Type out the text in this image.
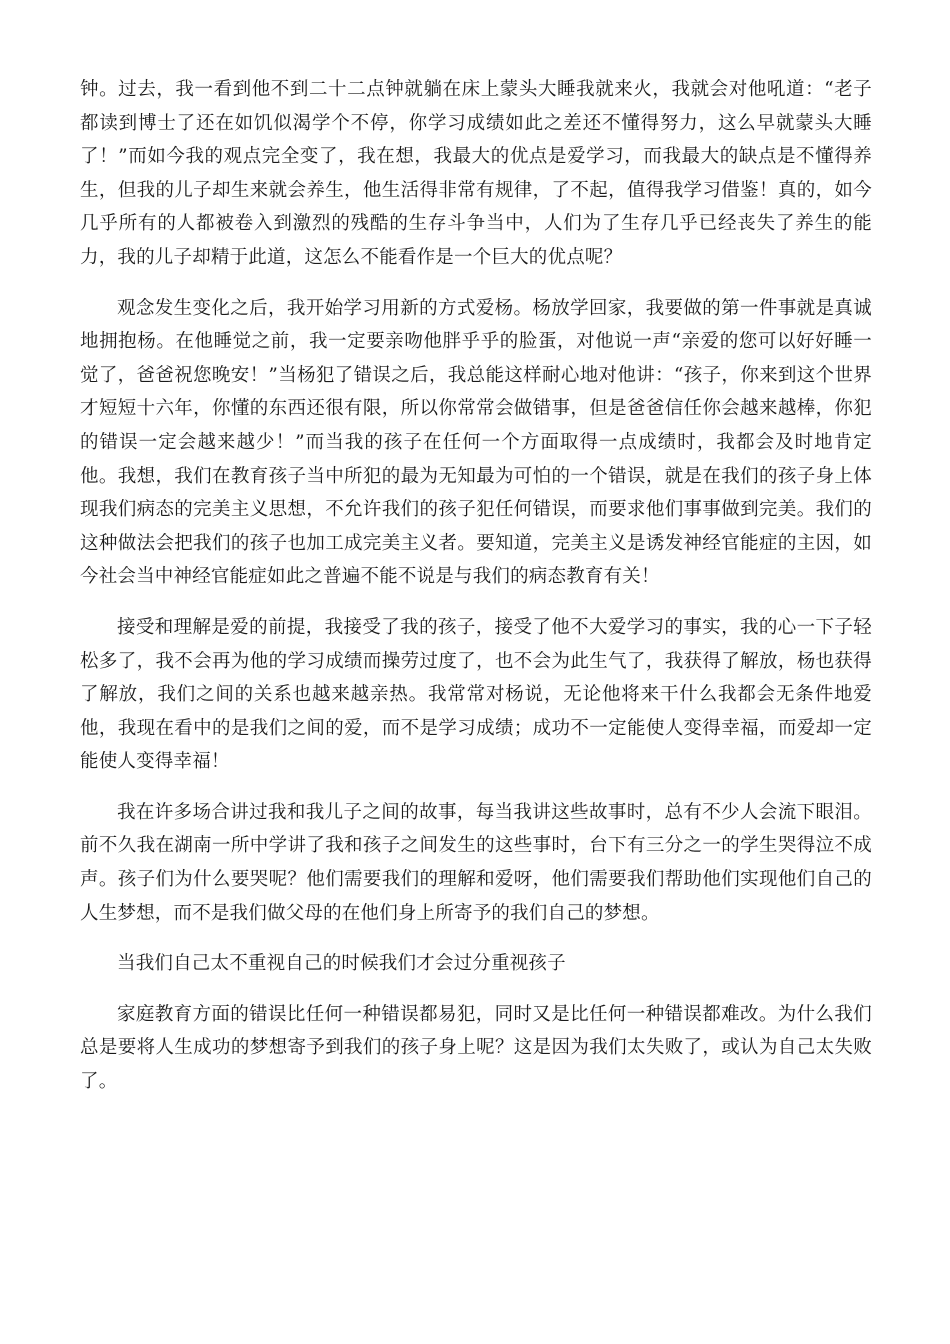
钟。过去，我一看到他不到二十二点钟就躺在床上蒙头大睡我就来火，我就会对他吼道：“老子都读到博士了还在如饥似渴学个不停，你学习成绩如此之差还不懂得努力，这么早就蒙头大睡了！”而如今我的观点完全变了，我在想，我最大的优点是爱学习，而我最大的缺点是不懂得养生，但我的儿子却生来就会养生，他生活得非常有规律，了不起，值得我学习借鉴！真的，如今几乎所有的人都被卷入到激烈的残酷的生存斗争当中，人们为了生存几乎已经丧失了养生的能力，我的儿子却精于此道，这怎么不能看作是一个巨大的优点呢？

观念发生变化之后，我开始学习用新的方式爱杨。杨放学回家，我要做的第一件事就是真诚地拥抱杨。在他睡觉之前，我一定要亲吻他胖乎乎的脸蛋，对他说一声“亲爱的您可以好好睡一觉了，爸爸祝您晚安！”当杨犯了错误之后，我总能这样耐心地对他讲：“孩子，你来到这个世界才短短十六年，你懂的东西还很有限，所以你常常会做错事，但是爸爸信任你会越来越棒，你犯的错误一定会越来越少！”而当我的孩子在任何一个方面取得一点成绩时，我都会及时地肯定他。我想，我们在教育孩子当中所犯的最为无知最为可怕的一个错误，就是在我们的孩子身上体现我们病态的完美主义思想，不允许我们的孩子犯任何错误，而要求他们事事做到完美。我们的这种做法会把我们的孩子也加工成完美主义者。要知道，完美主义是诱发神经官能症的主因，如今社会当中神经官能症如此之普遍不能不说是与我们的病态教育有关！

接受和理解是爱的前提，我接受了我的孩子，接受了他不大爱学习的事实，我的心一下子轻松多了，我不会再为他的学习成绩而操劳过度了，也不会为此生气了，我获得了解放，杨也获得了解放，我们之间的关系也越来越亲热。我常常对杨说，无论他将来干什么我都会无条件地爱他，我现在看中的是我们之间的爱，而不是学习成绩；成功不一定能使人变得幸福，而爱却一定能使人变得幸福！

我在许多场合讲过我和我儿子之间的故事，每当我讲这些故事时，总有不少人会流下眼泪。前不久我在湖南一所中学讲了我和孩子之间发生的这些事时，台下有三分之一的学生哭得泣不成声。孩子们为什么要哭呢？他们需要我们的理解和爱呀，他们需要我们帮助他们实现他们自己的人生梦想，而不是我们做父母的在他们身上所寄予的我们自己的梦想。

当我们自己太不重视自己的时候我们才会过分重视孩子

家庭教育方面的错误比任何一种错误都易犯，同时又是比任何一种错误都难改。为什么我们总是要将人生成功的梦想寄予到我们的孩子身上呢？这是因为我们太失败了，或认为自己太失败了。
